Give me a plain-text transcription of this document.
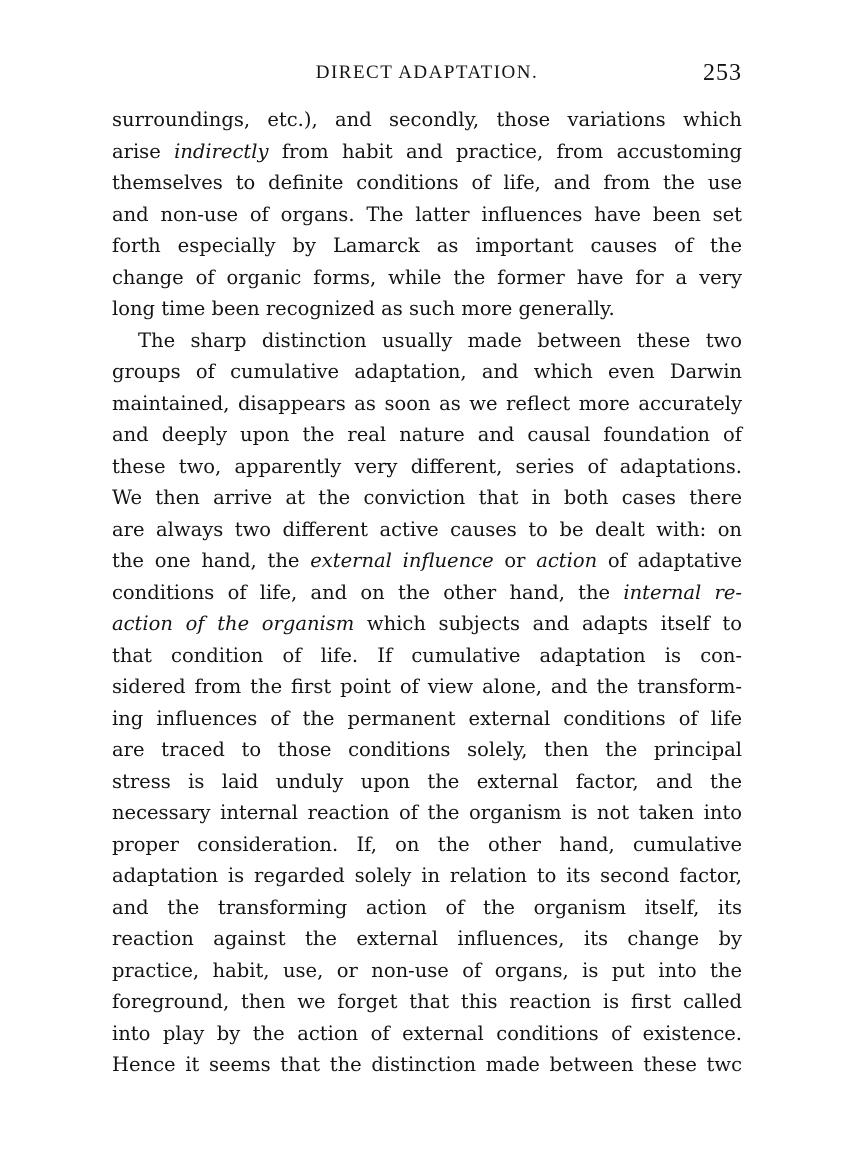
DIRECT ADAPTATION.	253
surroundings, etc.), and secondly, those variations which
arise indirectly from habit and practice, from accustoming
themselves to definite conditions of life, and from the use
and non-use of organs. The latter influences have been set
forth especially by Lamarck as important causes of the
change of organic forms, while the former have for a very
long time been recognized as such more generally.
The sharp distinction usually made between these two
groups of cumulative adaptation, and which even Darwin
maintained, disappears as soon as we reflect more accurately
and deeply upon the real nature and causal foundation of
these two, apparently very different, series of adaptations.
We then arrive at the conviction that in both cases there
are always two different active causes to be dealt with: on
the one hand, the external influence or action of adaptative
conditions of life, and on the other hand, the internal re-
action of the organism which subjects and adapts itself to
that condition of life. If cumulative adaptation is con-
sidered from the first point of view alone, and the transform-
ing influences of the permanent external conditions of life
are traced to those conditions solely, then the principal
stress is laid unduly upon the external factor, and the
necessary internal reaction of the organism is not taken into
proper consideration. If, on the other hand, cumulative
adaptation is regarded solely in relation to its second factor,
and the transforming action of the organism itself, its
reaction against the external influences, its change by
practice, habit, use, or non-use of organs, is put into the
foreground, then we forget that this reaction is first called
into play by the action of external conditions of existence.
Hence it seems that the distinction made between these twc
